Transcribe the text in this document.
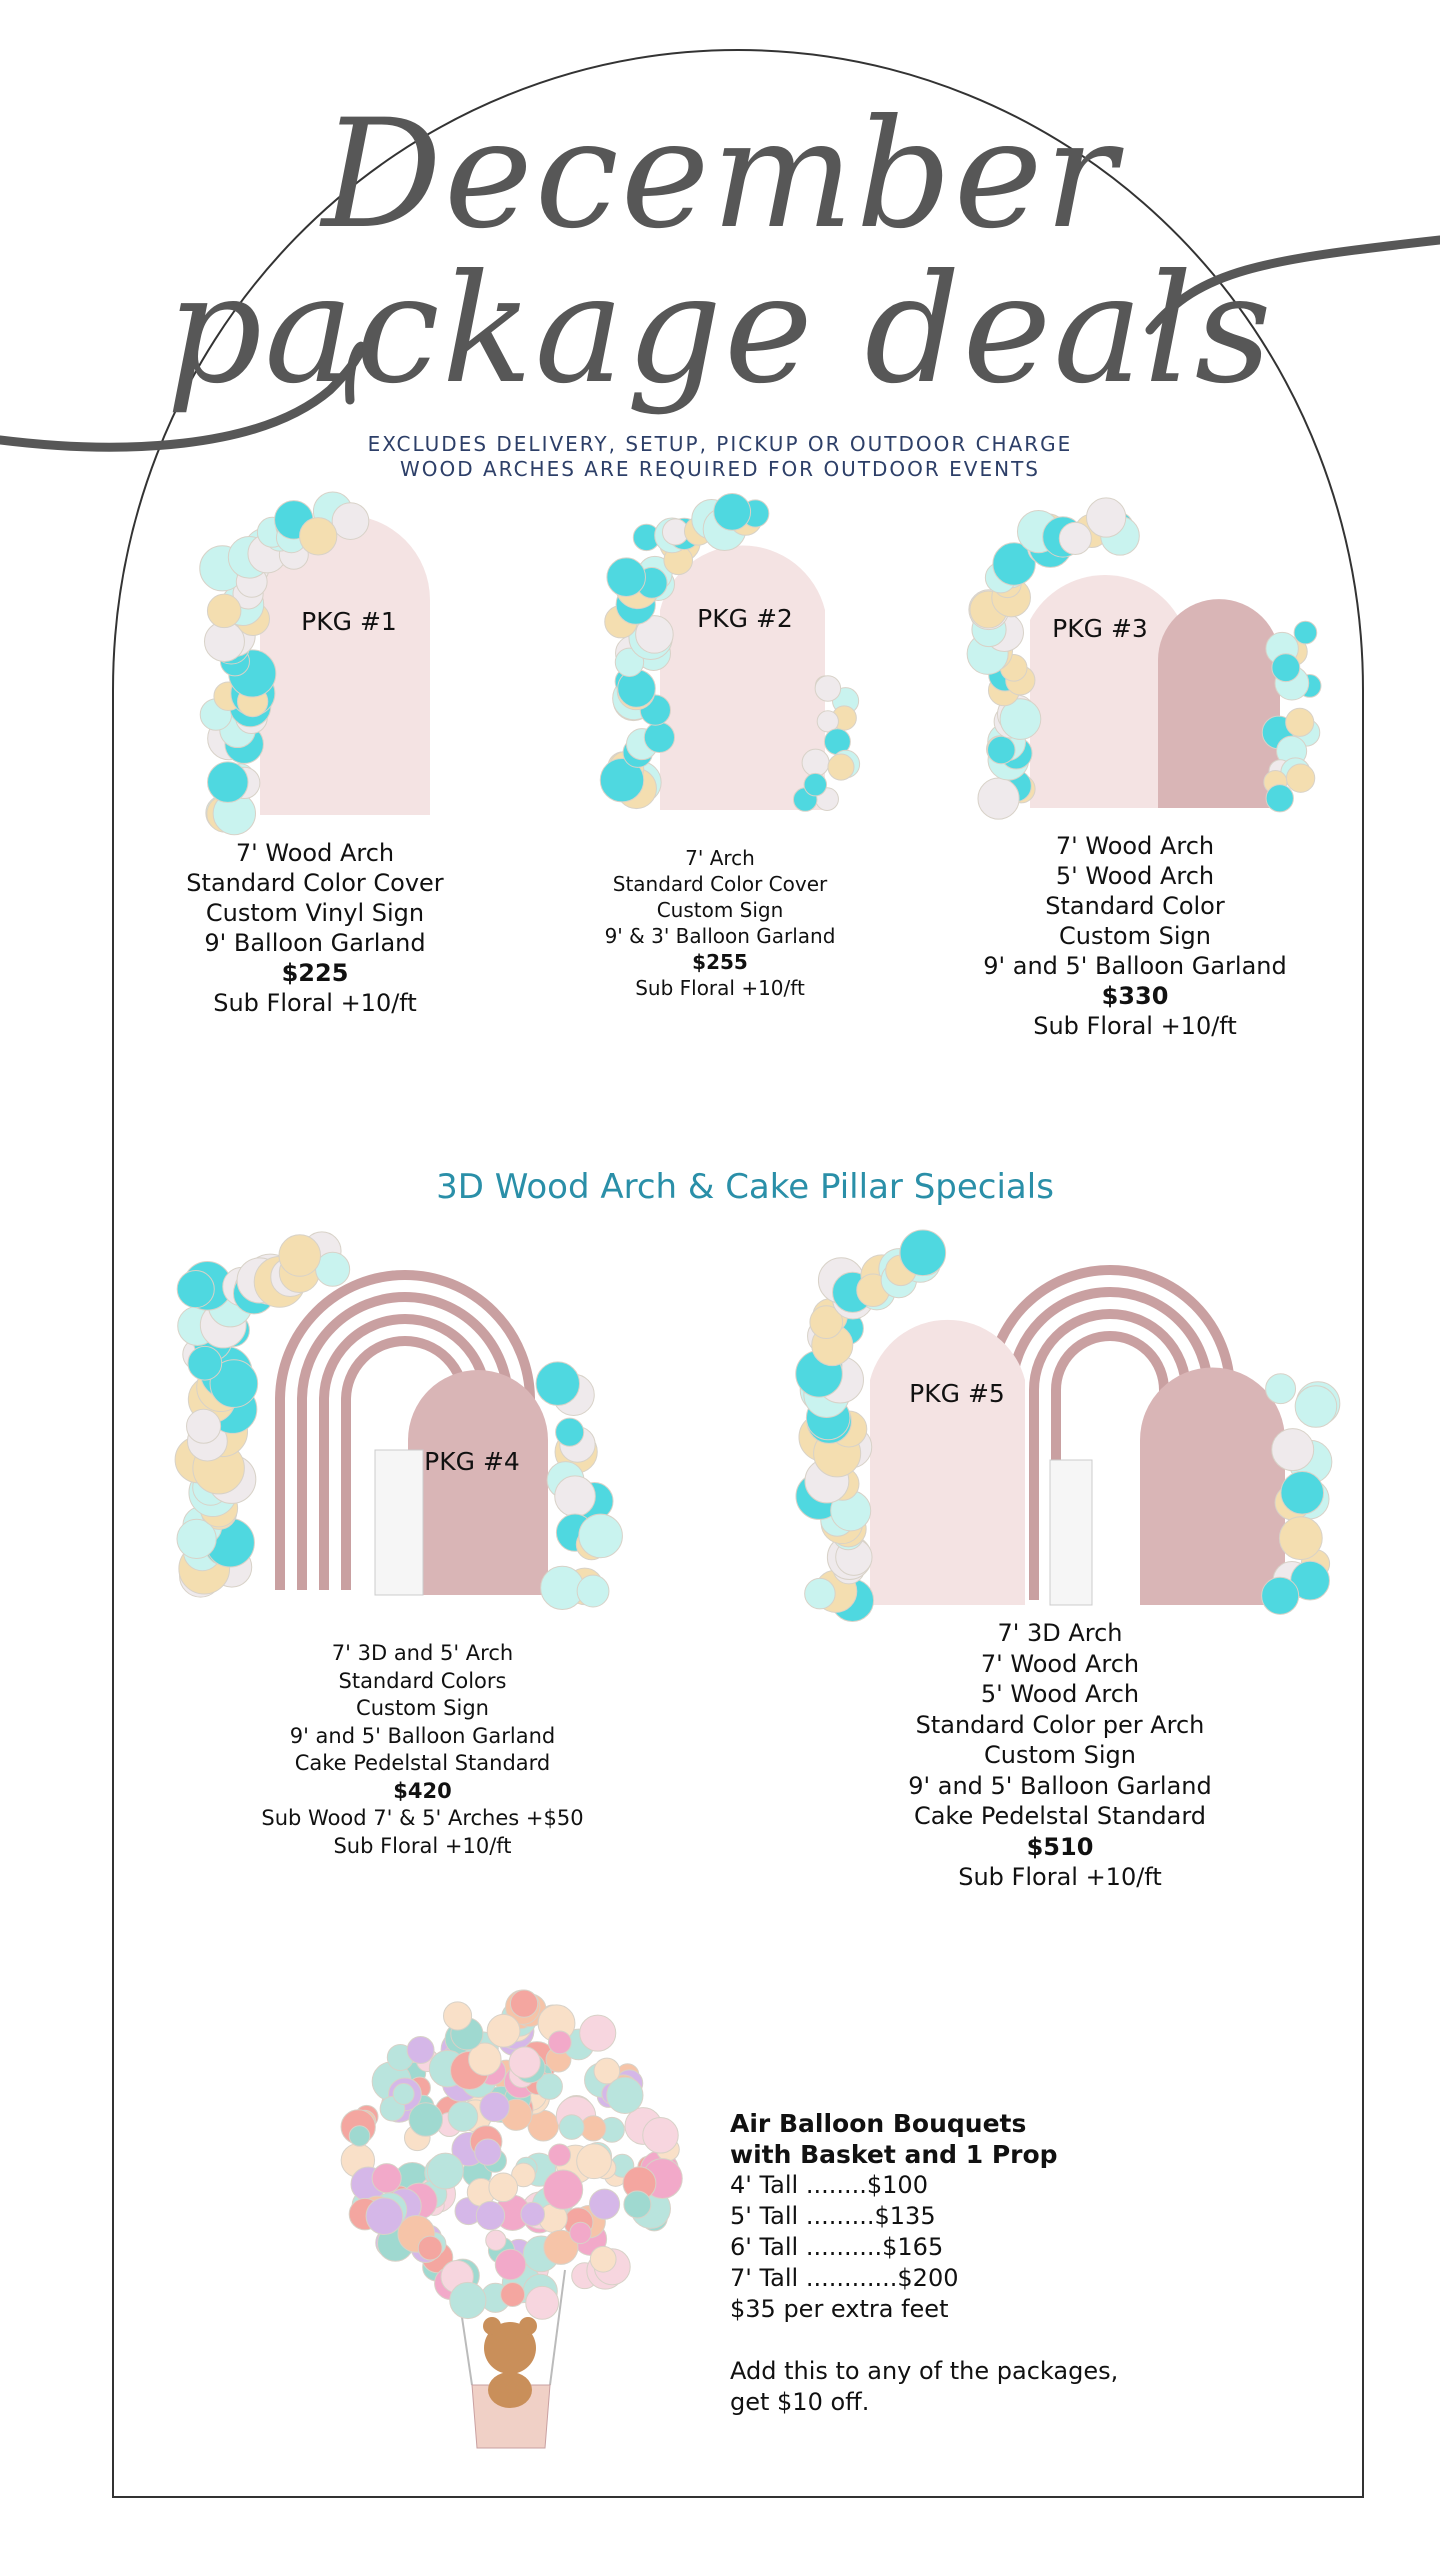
PKG #1	PKG #2	PKG #3
PKG #4
PKG #5
December
package deals
EXCLUDES DELIVERY, SETUP, PICKUP OR OUTDOOR CHARGE
WOOD ARCHES ARE REQUIRED FOR OUTDOOR EVENTS
7' Wood Arch
Standard Color Cover
Custom Vinyl Sign
9' Balloon Garland
$225
Sub Floral +10/ft
7' Arch
Standard Color Cover
Custom Sign
9' & 3' Balloon Garland
$255
Sub Floral +10/ft
7' Wood Arch
5' Wood Arch
Standard Color
Custom Sign
9' and 5' Balloon Garland
$330
Sub Floral +10/ft
3D Wood Arch & Cake Pillar Specials
7' 3D and 5' Arch
Standard Colors
Custom Sign
9' and 5' Balloon Garland
Cake Pedelstal Standard
$420
Sub Wood 7' & 5' Arches +$50
Sub Floral +10/ft
7' 3D Arch
7' Wood Arch
5' Wood Arch
Standard Color per Arch
Custom Sign
9' and 5' Balloon Garland
Cake Pedelstal Standard
$510
Sub Floral +10/ft
Air Balloon Bouquets
with Basket and 1 Prop
4' Tall ........$100
5' Tall .........$135
6' Tall ..........$165
7' Tall ............$200
$35 per extra feet
Add this to any of the packages,
get $10 off.
